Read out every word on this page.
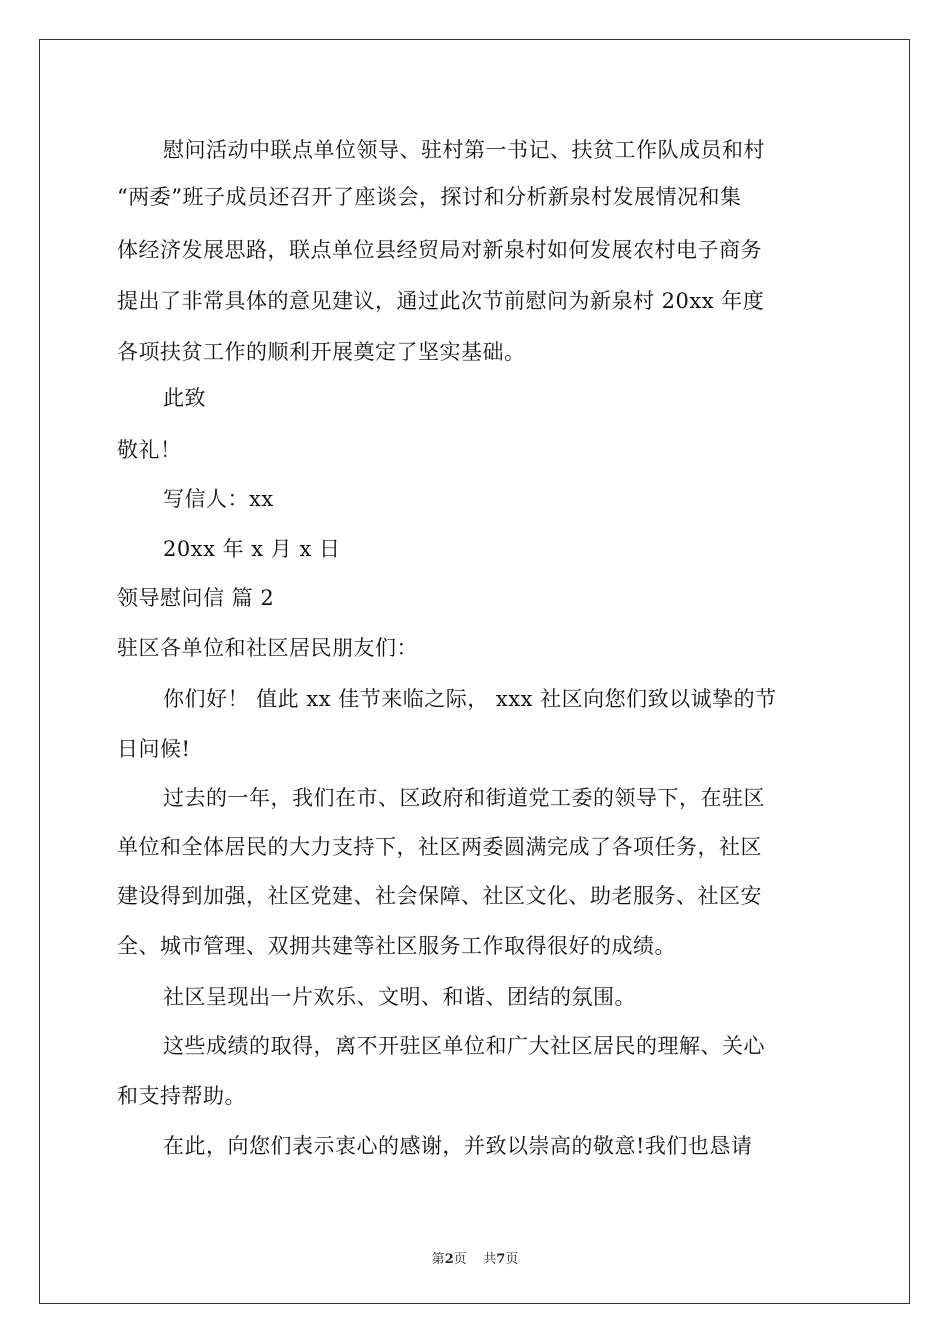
慰问活动中联点单位领导、驻村第一书记、扶贫工作队成员和村
“两委”班子成员还召开了座谈会，探讨和分析新泉村发展情况和集
体经济发展思路，联点单位县经贸局对新泉村如何发展农村电子商务
提出了非常具体的意见建议，通过此次节前慰问为新泉村 20xx 年度
各项扶贫工作的顺利开展奠定了坚实基础。
此致
敬礼！
写信人：xx
20xx 年 x 月 x 日
领导慰问信 篇 2
驻区各单位和社区居民朋友们：
你们好！ 值此 xx 佳节来临之际， xxx 社区向您们致以诚挚的节
日问候!
过去的一年，我们在市、区政府和街道党工委的领导下，在驻区
单位和全体居民的大力支持下，社区两委圆满完成了各项任务，社区
建设得到加强，社区党建、社会保障、社区文化、助老服务、社区安
全、城市管理、双拥共建等社区服务工作取得很好的成绩。
社区呈现出一片欢乐、文明、和谐、团结的氛围。
这些成绩的取得，离不开驻区单位和广大社区居民的理解、关心
和支持帮助。
在此，向您们表示衷心的感谢，并致以崇高的敬意!我们也恳请
第2页    共7页
